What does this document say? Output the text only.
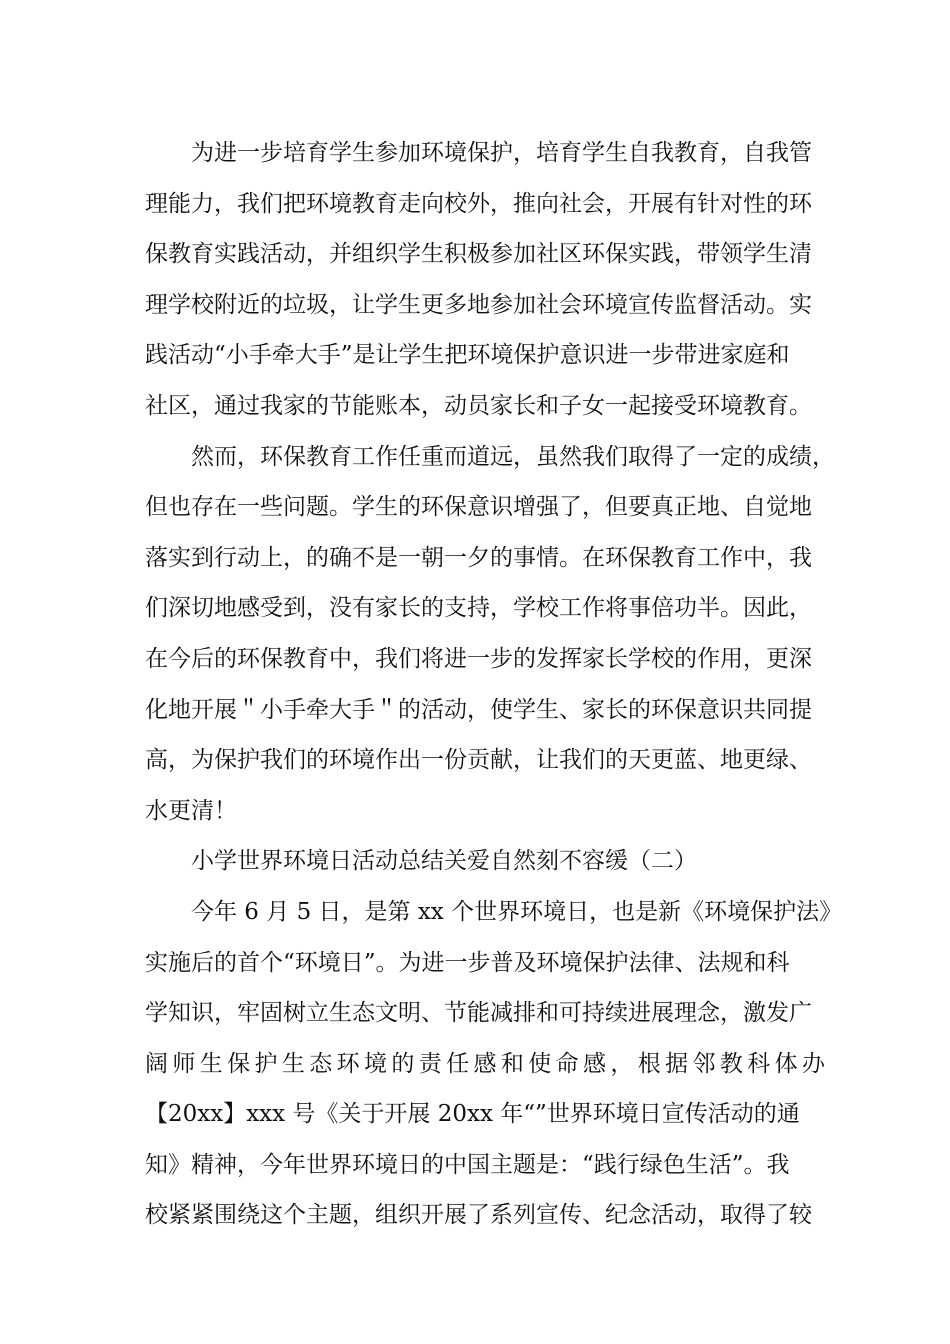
为进一步培育学生参加环境保护，培育学生自我教育，自我管
理能力，我们把环境教育走向校外，推向社会，开展有针对性的环
保教育实践活动，并组织学生积极参加社区环保实践，带领学生清
理学校附近的垃圾，让学生更多地参加社会环境宣传监督活动。实
践活动“小手牵大手”是让学生把环境保护意识进一步带进家庭和
社区，通过我家的节能账本，动员家长和子女一起接受环境教育。
然而，环保教育工作任重而道远，虽然我们取得了一定的成绩，
但也存在一些问题。学生的环保意识增强了，但要真正地、自觉地
落实到行动上，的确不是一朝一夕的事情。在环保教育工作中，我
们深切地感受到，没有家长的支持，学校工作将事倍功半。因此，
在今后的环保教育中，我们将进一步的发挥家长学校的作用，更深
化地开展＂小手牵大手＂的活动，使学生、家长的环保意识共同提
高，为保护我们的环境作出一份贡献，让我们的天更蓝、地更绿、
水更清！
小学世界环境日活动总结关爱自然刻不容缓（二）
今年 6 月 5 日，是第 xx 个世界环境日，也是新《环境保护法》
实施后的首个“环境日”。为进一步普及环境保护法律、法规和科
学知识，牢固树立生态文明、节能减排和可持续进展理念，激发广
阔师生保护生态环境的责任感和使命感，根据邻教科体办
【20xx】xxx 号《关于开展 20xx 年“”世界环境日宣传活动的通
知》精神，今年世界环境日的中国主题是：“践行绿色生活”。我
校紧紧围绕这个主题，组织开展了系列宣传、纪念活动，取得了较
